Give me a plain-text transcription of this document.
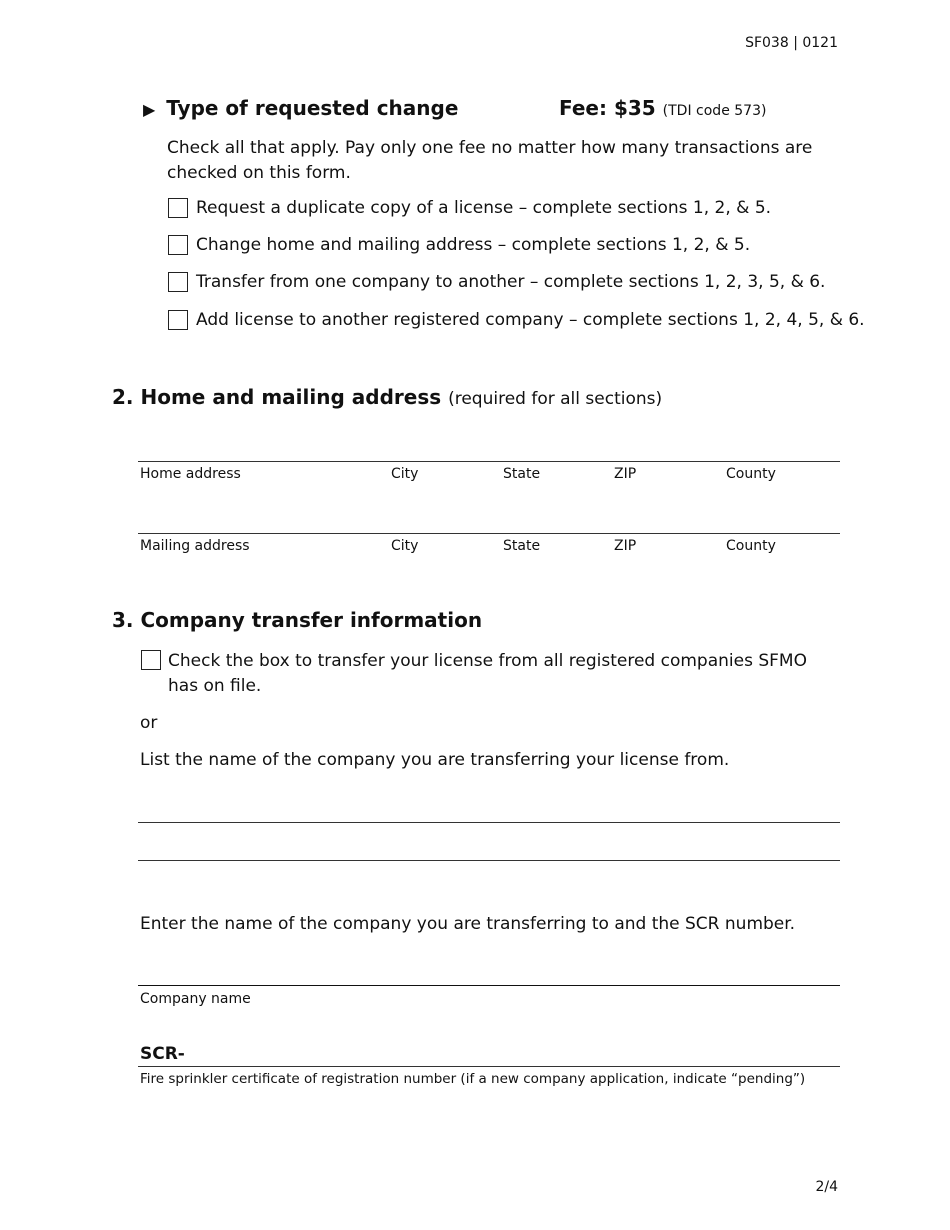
SF038 | 0121
▶ Type of requested change	Fee: $35 (TDI code 573)
Check all that apply. Pay only one fee no matter how many transactions are checked on this form.
Request a duplicate copy of a license – complete sections 1, 2, & 5.
Change home and mailing address – complete sections 1, 2, & 5.
Transfer from one company to another – complete sections 1, 2, 3, 5, & 6.
Add license to another registered company – complete sections 1, 2, 4, 5, & 6.
2. Home and mailing address (required for all sections)
Home address	City	State	ZIP	County
Mailing address	City	State	ZIP	County
3. Company transfer information
Check the box to transfer your license from all registered companies SFMO has on file.
or
List the name of the company you are transferring your license from.
Enter the name of the company you are transferring to and the SCR number.
Company name
SCR-
Fire sprinkler certificate of registration number (if a new company application, indicate “pending”)
2/4
